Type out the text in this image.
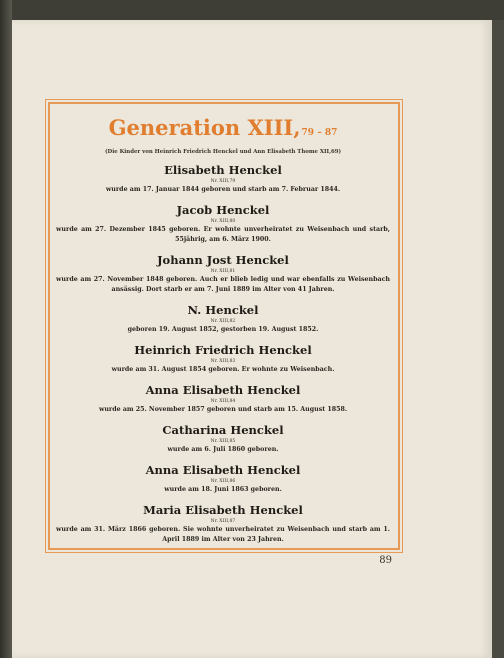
Generation XIII,79 – 87
(Die Kinder von Heinrich Friedrich Henckel und Ann Elisabeth Thome XII,69)
Elisabeth Henckel
Nr. XIII,79
wurde am 17. Januar 1844 geboren und starb am 7. Februar 1844.
Jacob Henckel
Nr. XIII,80
wurde am 27. Dezember 1845 geboren. Er wohnte unverheiratet zu Weisenbach und starb, 55jährig, am 6. März 1900.
Johann Jost Henckel
Nr. XIII,81
wurde am 27. November 1848 geboren. Auch er blieb ledig und war ebenfalls zu Weisenbach ansässig. Dort starb er am 7. Juni 1889 im Alter von 41 Jahren.
N. Henckel
Nr. XIII,82
geboren 19. August 1852, gestorben 19. August 1852.
Heinrich Friedrich Henckel
Nr. XIII,83
wurde am 31. August 1854 geboren. Er wohnte zu Weisenbach.
Anna Elisabeth Henckel
Nr. XIII,84
wurde am 25. November 1857 geboren und starb am 15. August 1858.
Catharina Henckel
Nr. XIII,85
wurde am 6. Juli 1860 geboren.
Anna Elisabeth Henckel
Nr. XIII,86
wurde am 18. Juni 1863 geboren.
Maria Elisabeth Henckel
Nr. XIII,87
wurde am 31. März 1866 geboren. Sie wohnte unverheiratet zu Weisenbach und starb am 1. April 1889 im Alter von 23 Jahren.
89
